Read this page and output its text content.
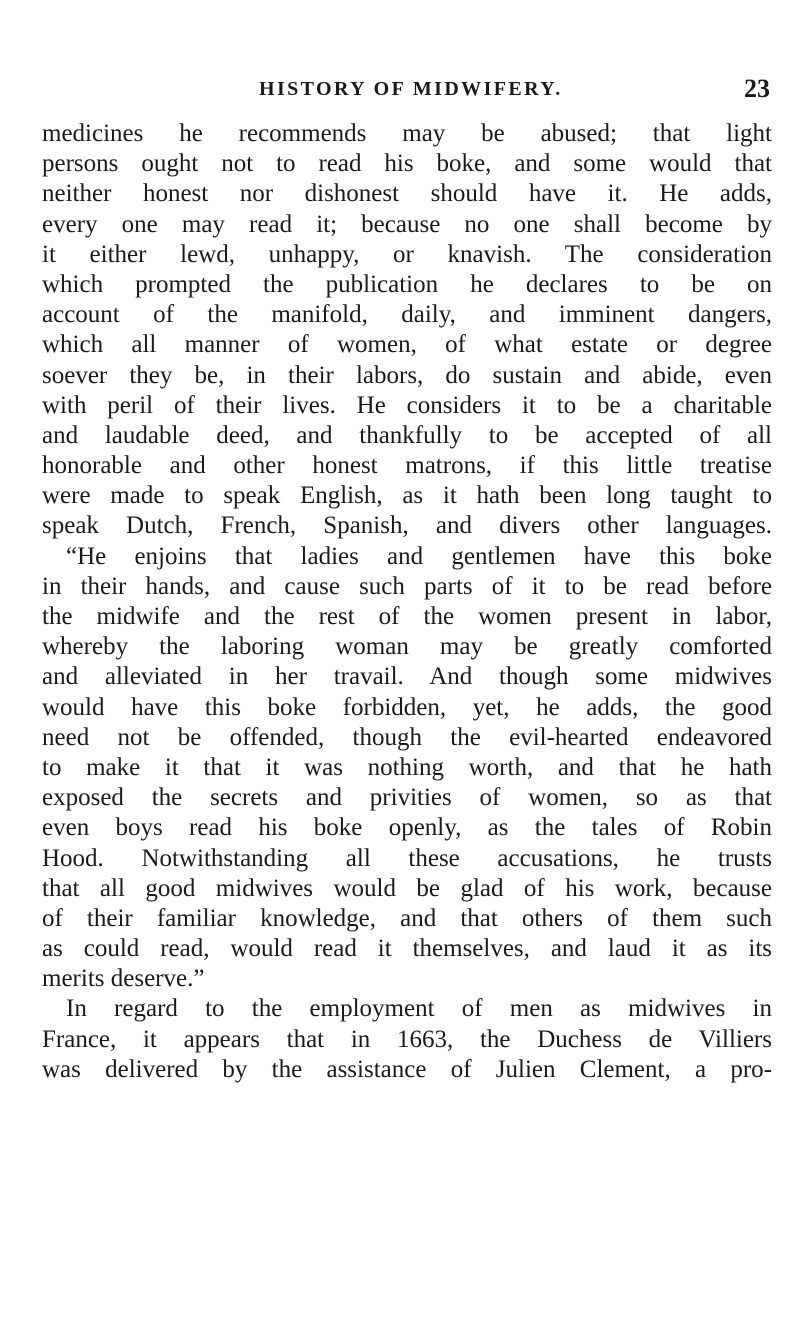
HISTORY OF MIDWIFERY.	23
medicines he recommends may be abused; that light
persons ought not to read his boke, and some would that
neither honest nor dishonest should have it. He adds,
every one may read it; because no one shall become by
it either lewd, unhappy, or knavish. The consideration
which prompted the publication he declares to be on
account of the manifold, daily, and imminent dangers,
which all manner of women, of what estate or degree
soever they be, in their labors, do sustain and abide, even
with peril of their lives. He considers it to be a charitable
and laudable deed, and thankfully to be accepted of all
honorable and other honest matrons, if this little treatise
were made to speak English, as it hath been long taught to
speak Dutch, French, Spanish, and divers other languages.
“He enjoins that ladies and gentlemen have this boke
in their hands, and cause such parts of it to be read before
the midwife and the rest of the women present in labor,
whereby the laboring woman may be greatly comforted
and alleviated in her travail. And though some midwives
would have this boke forbidden, yet, he adds, the good
need not be offended, though the evil-hearted endeavored
to make it that it was nothing worth, and that he hath
exposed the secrets and privities of women, so as that
even boys read his boke openly, as the tales of Robin
Hood. Notwithstanding all these accusations, he trusts
that all good midwives would be glad of his work, because
of their familiar knowledge, and that others of them such
as could read, would read it themselves, and laud it as its
merits deserve.”
In regard to the employment of men as midwives in
France, it appears that in 1663, the Duchess de Villiers
was delivered by the assistance of Julien Clement, a pro-
